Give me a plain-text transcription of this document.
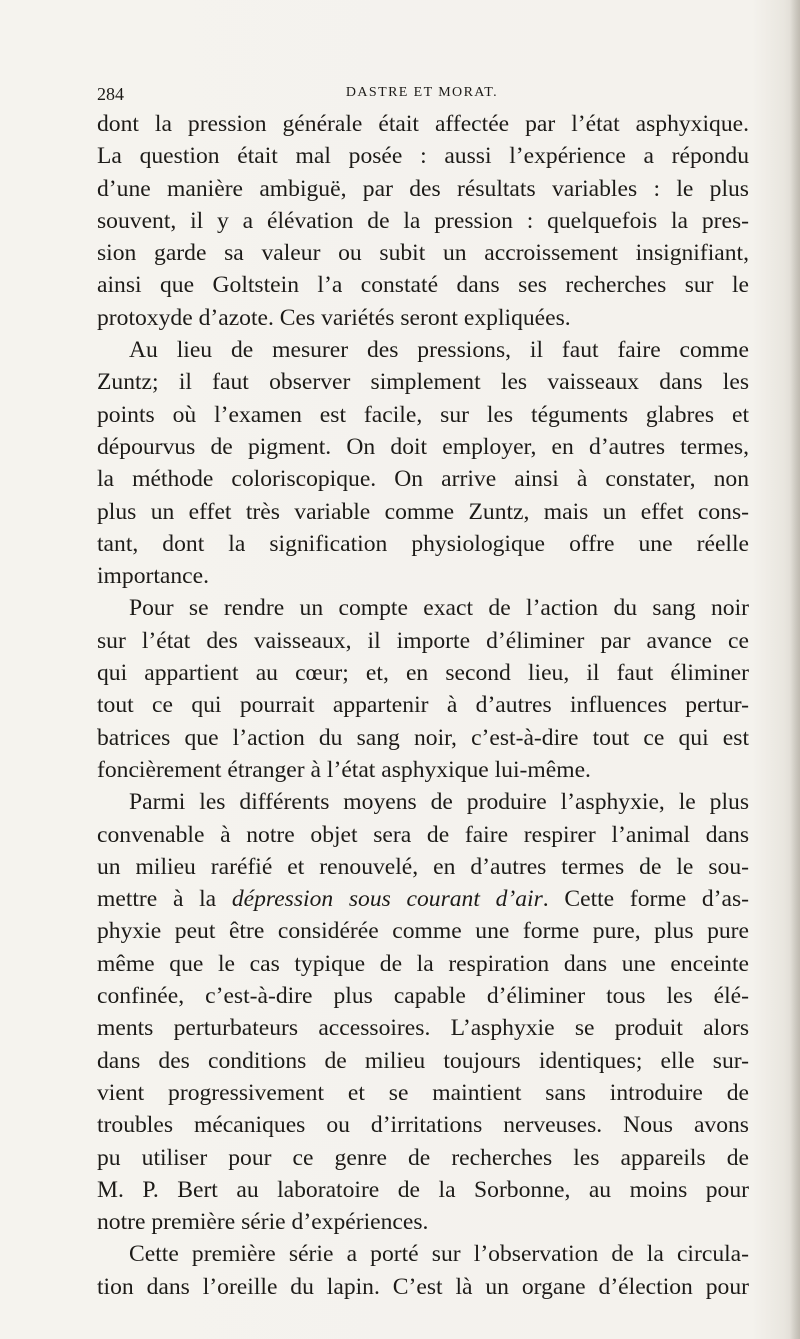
284	DASTRE ET MORAT.
dont la pression générale était affectée par l’état asphyxique.
La question était mal posée : aussi l’expérience a répondu
d’une manière ambiguë, par des résultats variables : le plus
souvent, il y a élévation de la pression : quelquefois la pres-
sion garde sa valeur ou subit un accroissement insignifiant,
ainsi que Goltstein l’a constaté dans ses recherches sur le
protoxyde d’azote. Ces variétés seront expliquées.
Au lieu de mesurer des pressions, il faut faire comme
Zuntz; il faut observer simplement les vaisseaux dans les
points où l’examen est facile, sur les téguments glabres et
dépourvus de pigment. On doit employer, en d’autres termes,
la méthode coloriscopique. On arrive ainsi à constater, non
plus un effet très variable comme Zuntz, mais un effet cons-
tant, dont la signification physiologique offre une réelle
importance.
Pour se rendre un compte exact de l’action du sang noir
sur l’état des vaisseaux, il importe d’éliminer par avance ce
qui appartient au cœur; et, en second lieu, il faut éliminer
tout ce qui pourrait appartenir à d’autres influences pertur-
batrices que l’action du sang noir, c’est-à-dire tout ce qui est
foncièrement étranger à l’état asphyxique lui-même.
Parmi les différents moyens de produire l’asphyxie, le plus
convenable à notre objet sera de faire respirer l’animal dans
un milieu raréfié et renouvelé, en d’autres termes de le sou-
mettre à la dépression sous courant d’air. Cette forme d’as-
phyxie peut être considérée comme une forme pure, plus pure
même que le cas typique de la respiration dans une enceinte
confinée, c’est-à-dire plus capable d’éliminer tous les élé-
ments perturbateurs accessoires. L’asphyxie se produit alors
dans des conditions de milieu toujours identiques; elle sur-
vient progressivement et se maintient sans introduire de
troubles mécaniques ou d’irritations nerveuses. Nous avons
pu utiliser pour ce genre de recherches les appareils de
M. P. Bert au laboratoire de la Sorbonne, au moins pour
notre première série d’expériences.
Cette première série a porté sur l’observation de la circula-
tion dans l’oreille du lapin. C’est là un organe d’élection pour
